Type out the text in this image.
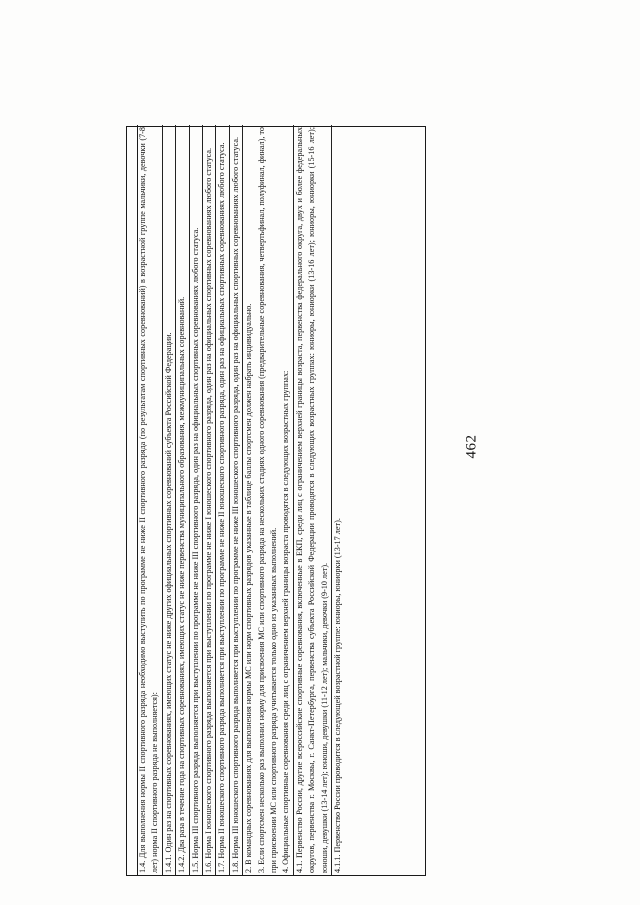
462

1.4. Для выполнения нормы II спортивного разряда необходимо выступить по программе не ниже II спортивного разряда (по результатам спортивных соревнований) в возрастной группе мальчики, девочки (7-8 лет) норма II спортивного разряда не выполняется): 1.4.1. Один раз на спортивных соревнованиях, имеющих статус не ниже других официальных спортивных соревнований субъекта Российской Федерации. 1.4.2. Два раза в течение года на спортивных соревнованиях, имеющих статус не ниже первенства муниципального образования, межмуниципальных соревнований. 1.5. Норма III спортивного разряда выполняется при выступлении по программе не ниже III спортивного разряда, один раз на официальных спортивных соревнованиях любого статуса. 1.6. Норма I юношеского спортивного разряда выполняется при выступлении по программе не ниже I юношеского спортивного разряда, один раз на официальных спортивных соревнованиях любого статуса. 1.7. Норма II юношеского спортивного разряда выполняется при выступлении по программе не ниже II юношеского спортивного разряда, один раз на официальных спортивных соревнованиях любого статуса. 1.8. Норма III юношеского спортивного разряда выполняется при выступлении по программе не ниже III юношеского спортивного разряда, один раз на официальных спортивных соревнованиях любого статуса. 2. В командных соревнованиях для выполнения нормы МС или норм спортивных разрядов указанные в таблице баллы спортсмен должен набрать индивидуально. 3. Если спортсмен несколько раз выполнил норму для присвоения МС или спортивного разряда на нескольких стадиях одного соревнования (предварительные соревнования, четвертьфинал, полуфинал, финал), то при присвоении МС или спортивного разряда учитывается только одно из указанных выполнений. 4. Официальные спортивные соревнования среди лиц с ограничением верхней границы возраста проводятся в следующих возрастных группах: 4.1. Первенство России, другие всероссийские спортивные соревнования, включенные в ЕКП, среди лиц с ограничением верхней границы возраста, первенства федерального округа, двух и более федеральных округов, первенства г. Москвы, г. Санкт-Петербурга, первенства субъекта Российской Федерации проводятся в следующих возрастных группах: юниоры, юниорки (13-16 лет); юниоры, юниорки (15-16 лет); юноши, девушки (13-14 лет); юноши, девушки (11-12 лет); мальчики, девочки (9-10 лет). 4.1.1. Первенство России проводится в следующей возрастной группе: юниоры, юниорки (13-17 лет).
